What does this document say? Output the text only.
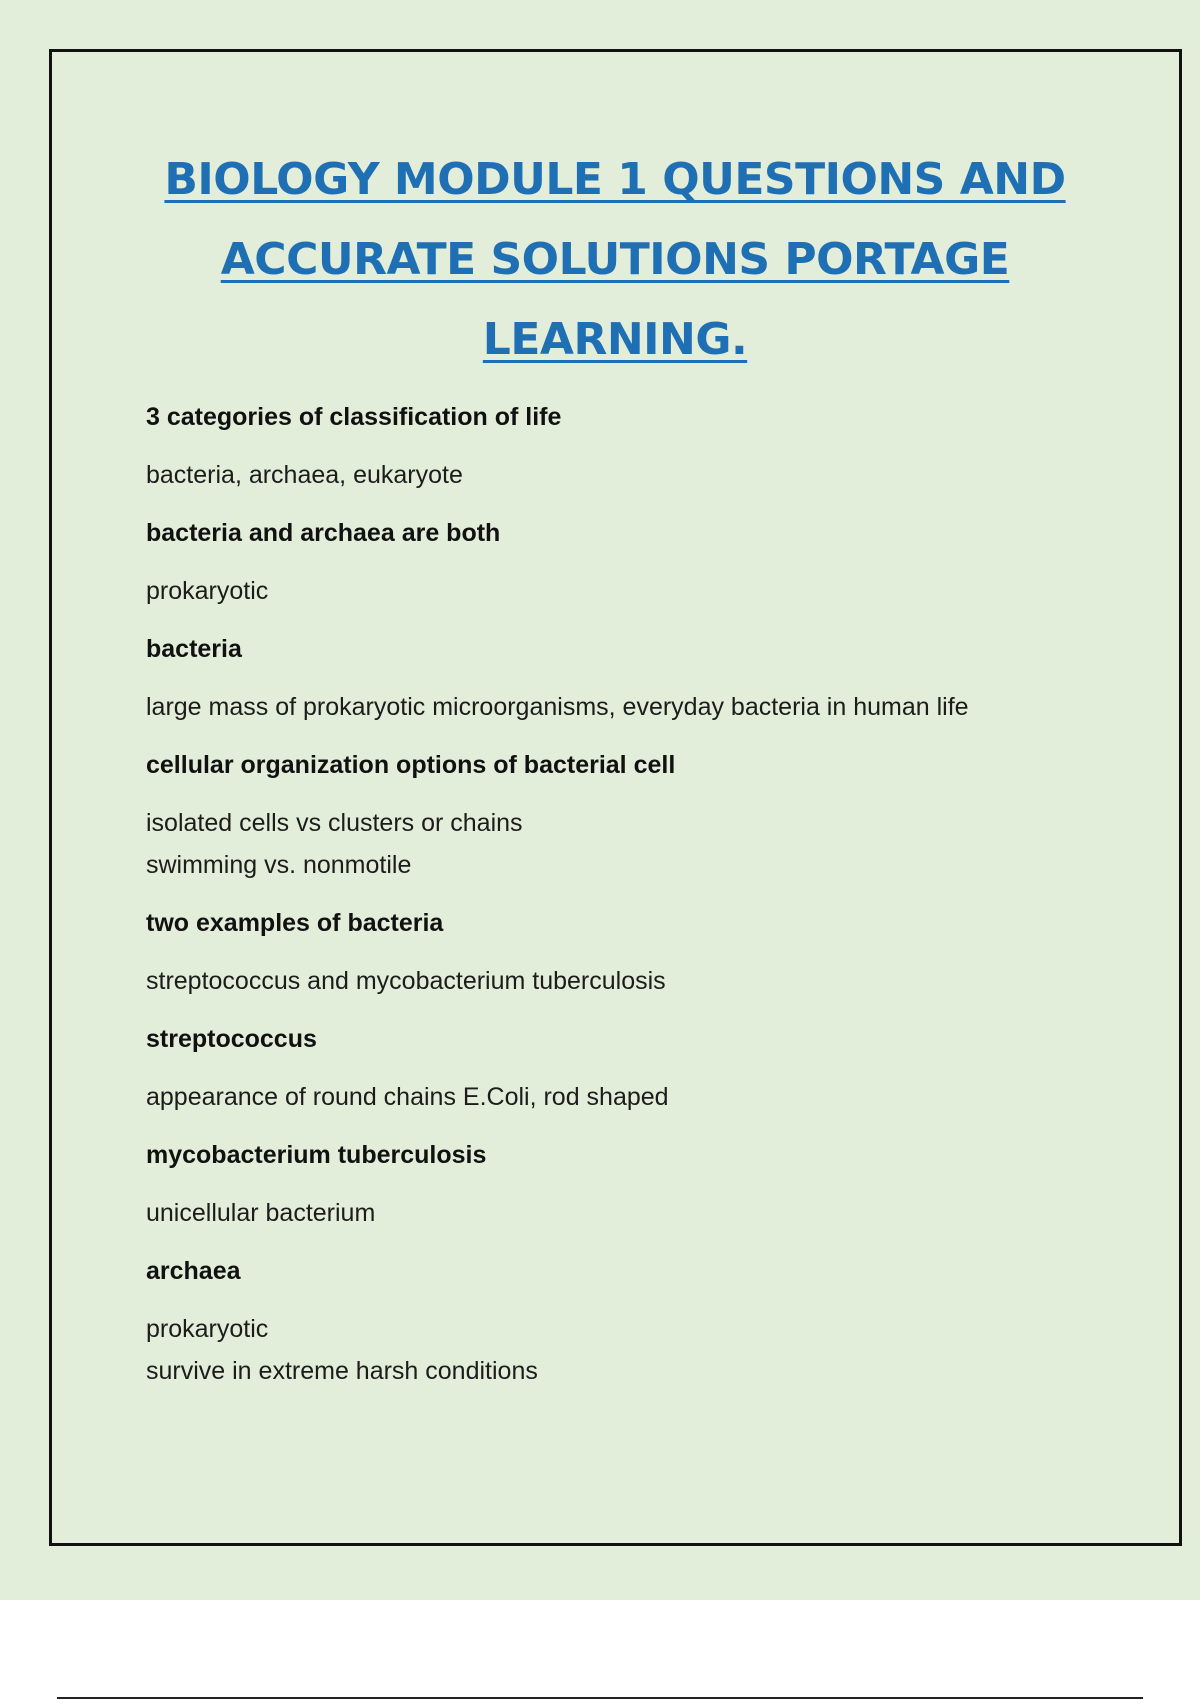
BIOLOGY MODULE 1 QUESTIONS AND
ACCURATE SOLUTIONS PORTAGE
LEARNING.

3 categories of classification of life

bacteria, archaea, eukaryote

bacteria and archaea are both

prokaryotic

bacteria

large mass of prokaryotic microorganisms, everyday bacteria in human life

cellular organization options of bacterial cell

isolated cells vs clusters or chains
swimming vs. nonmotile

two examples of bacteria

streptococcus and mycobacterium tuberculosis

streptococcus

appearance of round chains E.Coli, rod shaped

mycobacterium tuberculosis

unicellular bacterium

archaea

prokaryotic
survive in extreme harsh conditions
